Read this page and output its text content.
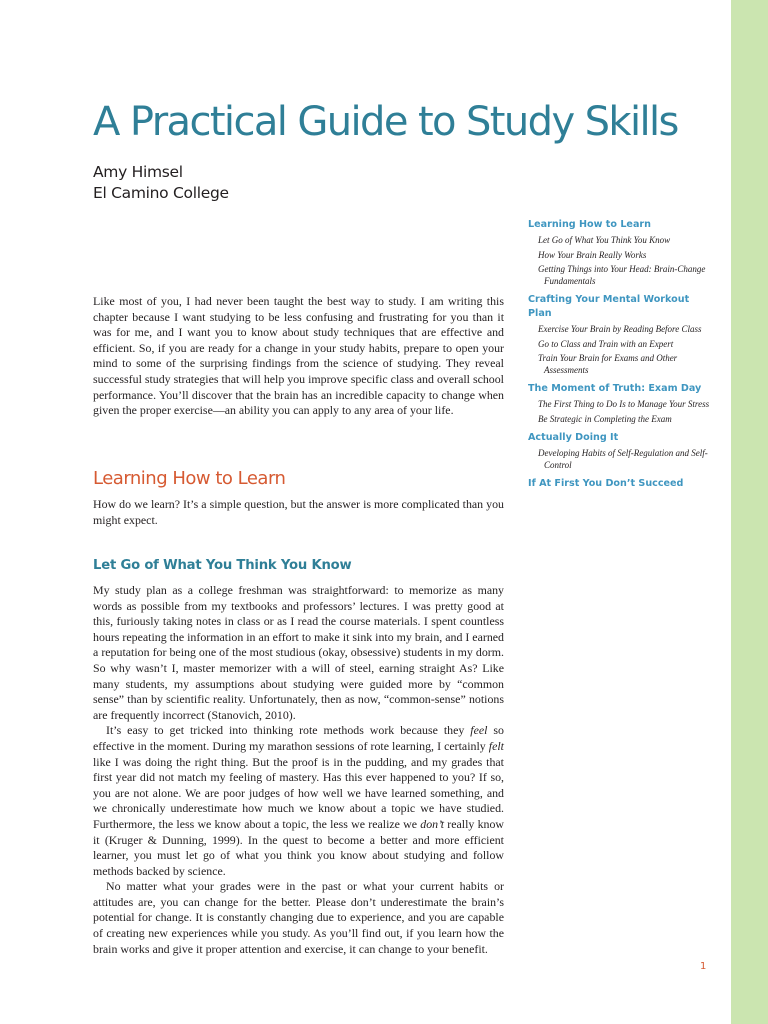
A Practical Guide to Study Skills
Amy Himsel
El Camino College
Learning How to Learn
Let Go of What You Think You Know
How Your Brain Really Works
Getting Things into Your Head: Brain-Change Fundamentals
Crafting Your Mental Workout Plan
Exercise Your Brain by Reading Before Class
Go to Class and Train with an Expert
Train Your Brain for Exams and Other Assessments
The Moment of Truth: Exam Day
The First Thing to Do Is to Manage Your Stress
Be Strategic in Completing the Exam
Actually Doing It
Developing Habits of Self-Regulation and Self-Control
If At First You Don’t Succeed

Like most of you, I had never been taught the best way to study. I am writing this chapter because I want studying to be less confusing and frustrating for you than it was for me, and I want you to know about study techniques that are effective and efficient. So, if you are ready for a change in your study habits, prepare to open your mind to some of the surprising findings from the science of studying. They reveal successful study strategies that will help you improve specific class and overall school performance. You’ll discover that the brain has an incredible capacity to change when given the proper exercise—an ability you can apply to any area of your life.

Learning How to Learn

How do we learn? It’s a simple question, but the answer is more complicated than you might expect.

Let Go of What You Think You Know

My study plan as a college freshman was straightforward: to memorize as many words as possible from my textbooks and professors’ lectures. I was pretty good at this, furiously taking notes in class or as I read the course materials. I spent countless hours repeating the information in an effort to make it sink into my brain, and I earned a reputation for being one of the most studious (okay, obsessive) students in my dorm. So why wasn’t I, master memorizer with a will of steel, earning straight As? Like many students, my assumptions about studying were guided more by “common sense” than by scientific reality. Unfortunately, then as now, “common-sense” notions are frequently incorrect (Stanovich, 2010).

It’s easy to get tricked into thinking rote methods work because they feel so effective in the moment. During my marathon sessions of rote learning, I certainly felt like I was doing the right thing. But the proof is in the pudding, and my grades that first year did not match my feeling of mastery. Has this ever happened to you? If so, you are not alone. We are poor judges of how well we have learned something, and we chronically underestimate how much we know about a topic we have studied. Furthermore, the less we know about a topic, the less we realize we don’t really know it (Kruger & Dunning, 1999). In the quest to become a better and more efficient learner, you must let go of what you think you know about studying and follow methods backed by science.

No matter what your grades were in the past or what your current habits or attitudes are, you can change for the better. Please don’t underestimate the brain’s potential for change. It is constantly changing due to experience, and you are capable of creating new experiences while you study. As you’ll find out, if you learn how the brain works and give it proper attention and exercise, it can change to your benefit.

1
